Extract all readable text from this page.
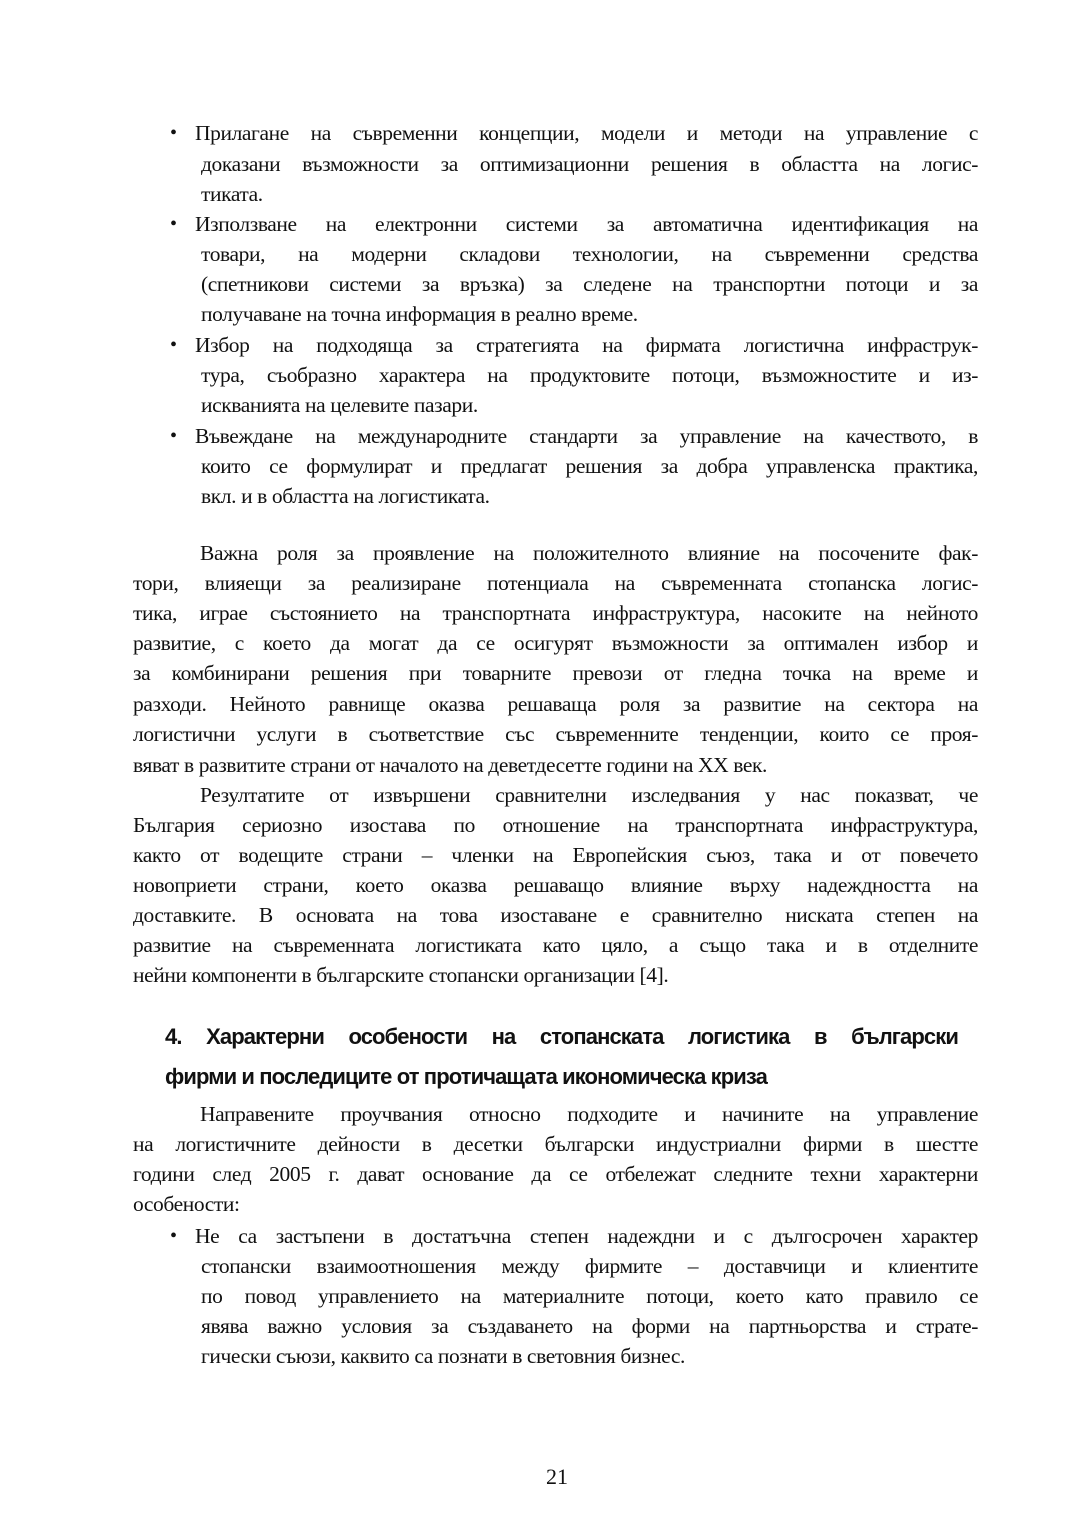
21
• Прилагане на съвременни концепции, модели и методи на управление с
доказани възможности за оптимизационни решения в областта на логис-
тиката.
• Използване на електронни системи за автоматична идентификация на
товари, на модерни складови технологии, на съвременни средства
(спетникови системи за връзка) за следене на транспортни потоци и за
получаване на точна информация в реално време.
• Избор на подходяща за стратегията на фирмата логистична инфраструк-
тура, съобразно характера на продуктовите потоци, възможностите и из-
искванията на целевите пазари.
• Въвеждане на международните стандарти за управление на качеството, в
които се формулират и предлагат решения за добра управленска практика,
вкл. и в областта на логистиката.
Важна роля за проявление на положителното влияние на посочените фак-
тори, влияещи за реализиране потенциала на съвременната стопанска логис-
тика, играе състоянието на транспортната инфраструктура, насоките на нейното
развитие, с което да могат да се осигурят възможности за оптимален избор и
за комбинирани решения при товарните превози от гледна точка на време и
разходи. Нейното равнище оказва решаваща роля за развитие на сектора на
логистични услуги в съответствие със съвременните тенденции, които се проя-
вяват в развитите страни от началото на деветдесетте години на XX век.
Резултатите от извършени сравнителни изследвания у нас показват, че
България сериозно изостава по отношение на транспортната инфраструктура,
както от водещите страни – членки на Европейския съюз, така и от повечето
новоприети страни, което оказва решаващо влияние върху надеждността на
доставките. В основата на това изоставане е сравнително ниската степен на
развитие на съвременната логистиката като цяло, а също така и в отделните
нейни компоненти в българските стопански организации [4].
4. Характерни особености на стопанската логистика в български
фирми и последиците от протичащата икономическа криза
Направените проучвания относно подходите и начините на управление
на логистичните дейности в десетки български индустриални фирми в шестте
години след 2005 г. дават основание да се отбележат следните техни характерни
особености:
• Не са застъпени в достатъчна степен надеждни и с дългосрочен характер
стопански взаимоотношения между фирмите – доставчици и клиентите
по повод управлението на материалните потоци, което като правило се
явява важно условия за създаването на форми на партньорства и страте-
гически съюзи, каквито са познати в световния бизнес.
